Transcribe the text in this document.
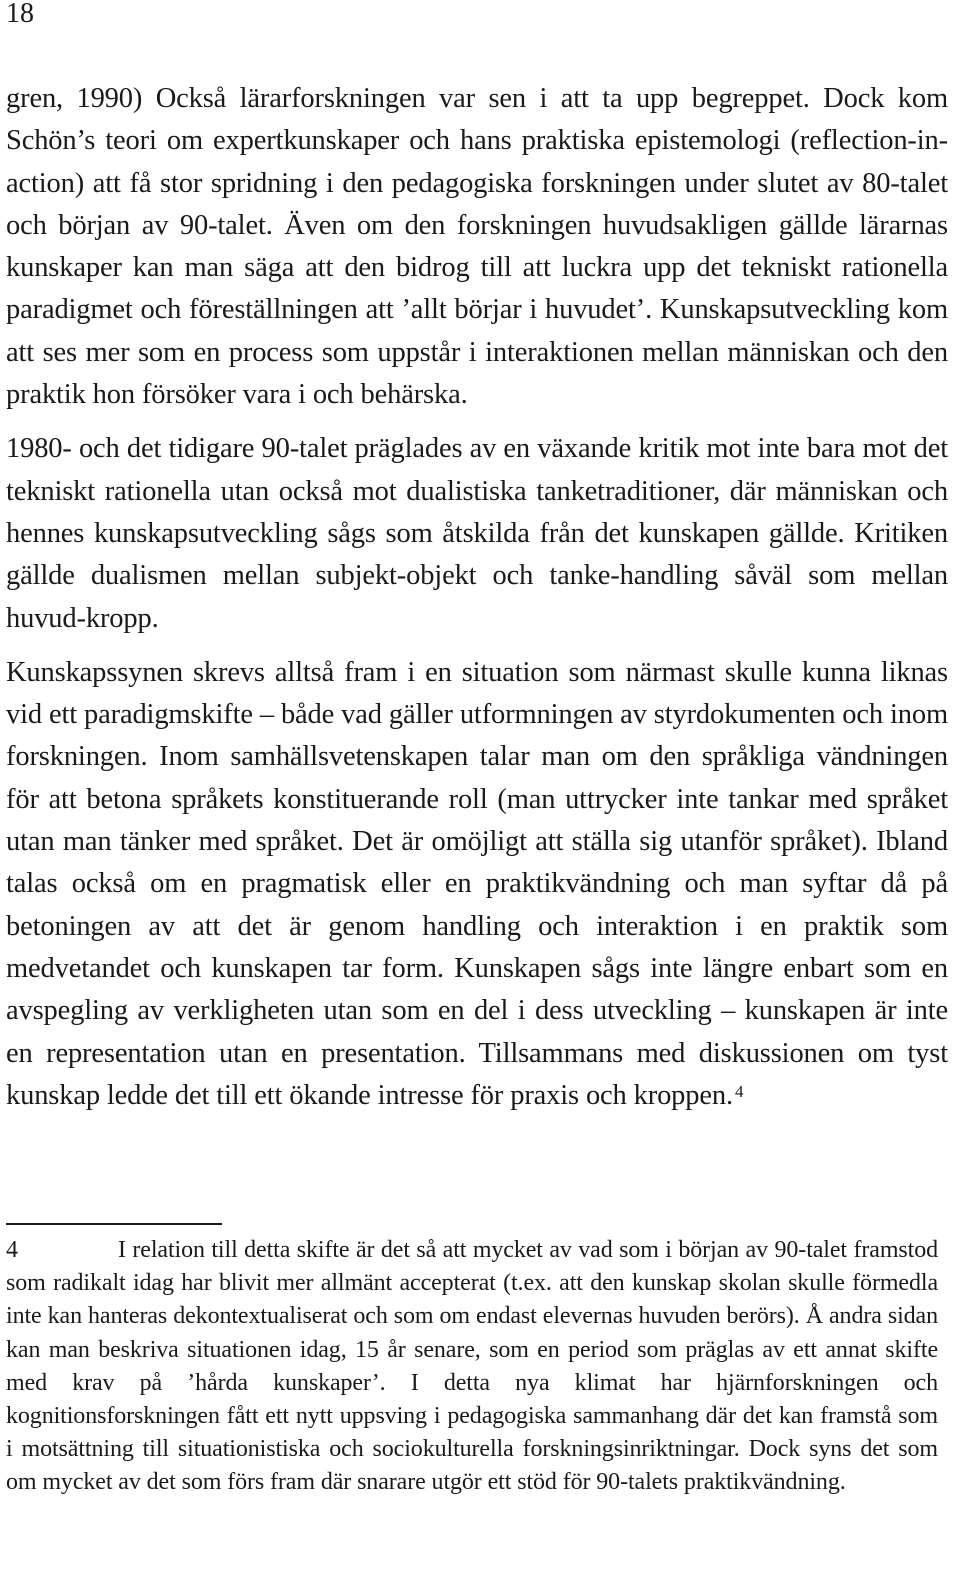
18

gren, 1990) Också lärarforskningen var sen i att ta upp begreppet. Dock kom Schön’s teori om expertkunskaper och hans praktiska epistemologi (reflection-in-action) att få stor spridning i den pedagogiska forskningen under slutet av 80-talet och början av 90-talet. Även om den forskningen huvudsakligen gällde lärarnas kunskaper kan man säga att den bidrog till att luckra upp det tekniskt rationella paradigmet och föreställningen att ’allt börjar i huvudet’. Kunskapsutveckling kom att ses mer som en process som uppstår i interaktionen mellan människan och den praktik hon försöker vara i och behärska.

1980- och det tidigare 90-talet präglades av en växande kritik mot inte bara mot det tekniskt rationella utan också mot dualistiska tanketraditioner, där människan och hennes kunskapsutveckling sågs som åtskilda från det kunskapen gällde. Kritiken gällde dualismen mellan subjekt-objekt och tanke-handling såväl som mellan huvud-kropp.

Kunskapssynen skrevs alltså fram i en situation som närmast skulle kunna liknas vid ett paradigmskifte – både vad gäller utformningen av styrdokumenten och inom forskningen. Inom samhällsvetenskapen talar man om den språkliga vändningen för att betona språkets konstituerande roll (man uttrycker inte tankar med språket utan man tänker med språket. Det är omöjligt att ställa sig utanför språket). Ibland talas också om en pragmatisk eller en praktikvändning och man syftar då på betoningen av att det är genom handling och interaktion i en praktik som medvetandet och kunskapen tar form. Kunskapen sågs inte längre enbart som en avspegling av verkligheten utan som en del i dess utveckling – kunskapen är inte en representation utan en presentation. Tillsammans med diskussionen om tyst kunskap ledde det till ett ökande intresse för praxis och kroppen. $^4$

4	I relation till detta skifte är det så att mycket av vad som i början av 90-talet framstod som radikalt idag har blivit mer allmänt accepterat (t.ex. att den kunskap skolan skulle förmedla inte kan hanteras dekontextualiserat och som om endast elevernas huvuden berörs). Å andra sidan kan man beskriva situationen idag, 15 år senare, som en period som präglas av ett annat skifte med krav på ’hårda kunskaper’. I detta nya klimat har hjärnforskningen och kognitionsforskningen fått ett nytt uppsving i pedagogiska sammanhang där det kan framstå som i motsättning till situationistiska och sociokulturella forskningsinriktningar. Dock syns det som om mycket av det som förs fram där snarare utgör ett stöd för 90-talets praktikvändning.
